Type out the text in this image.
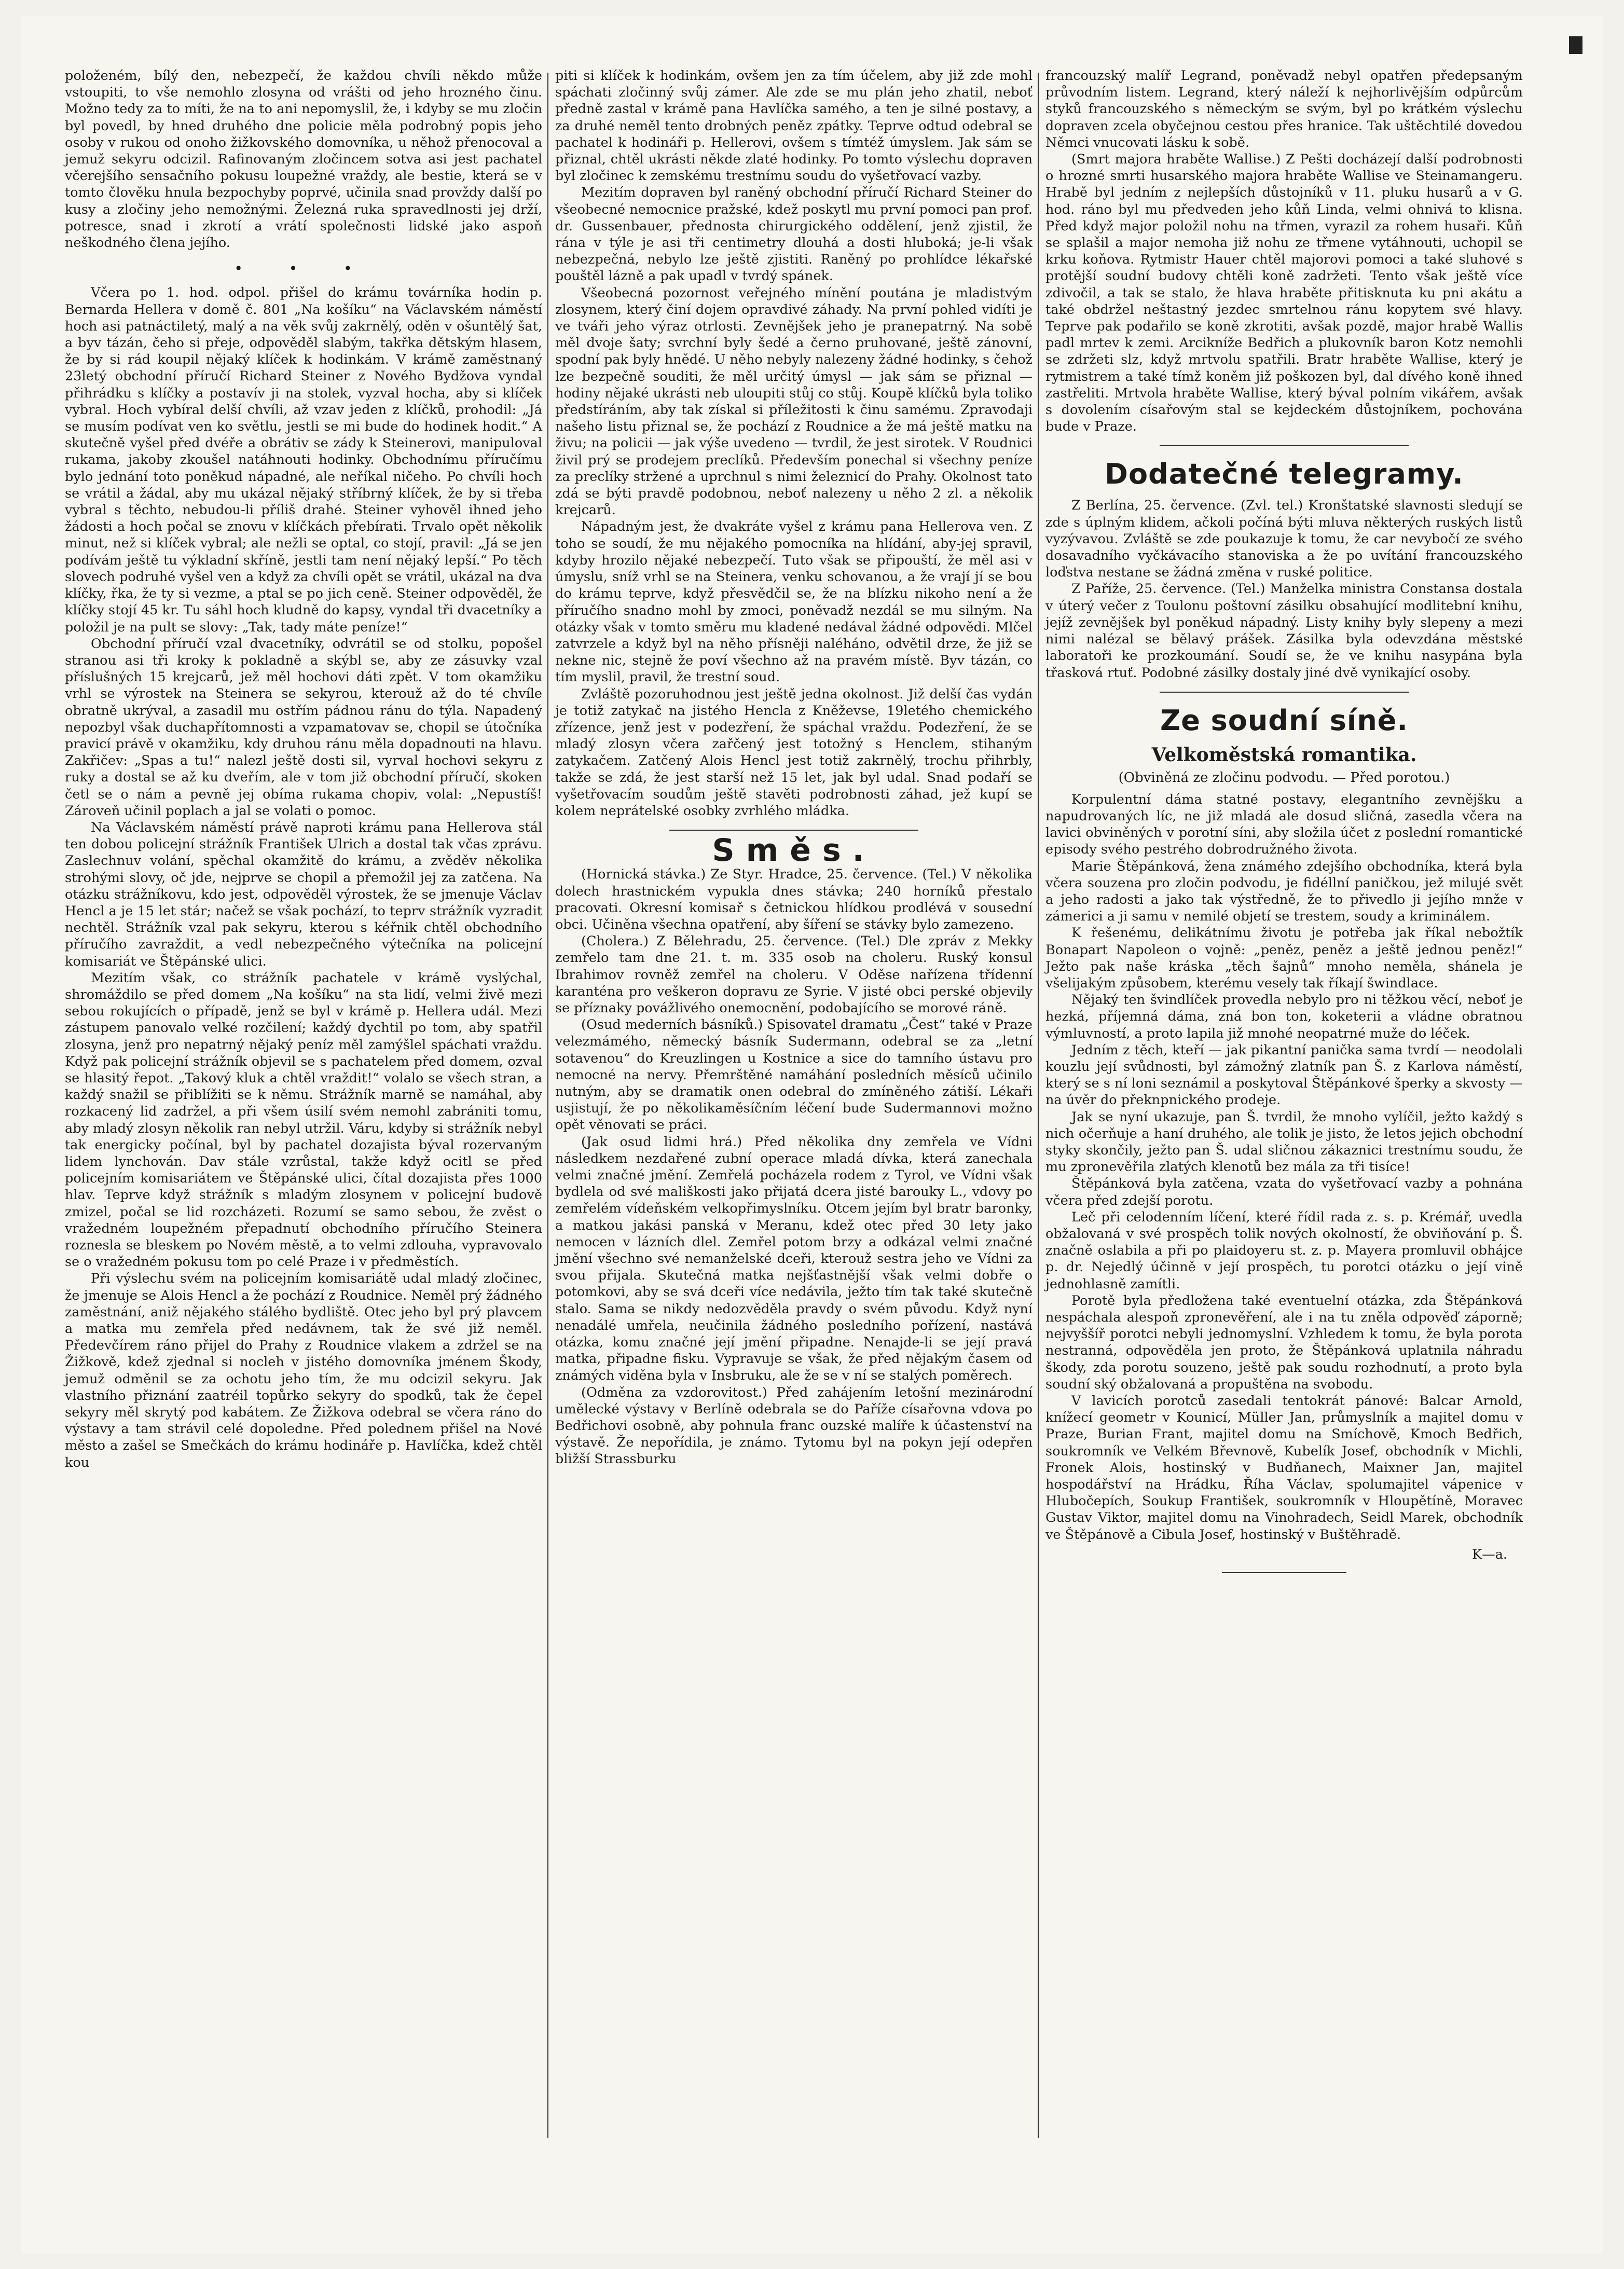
položeném, bílý den, nebezpečí, že každou chvíli někdo může vstoupiti, to vše nemohlo zlosyna od vrášti od jeho hrozného činu. Možno tedy za to míti, že na to ani nepomyslil, že, i kdyby se mu zločin byl povedl, by hned druhého dne policie měla podrobný popis jeho osoby v rukou od onoho žižkovského domovníka, u něhož přenocoval a jemuž sekyru odcizil. Rafinovaným zločincem sotva asi jest pachatel včerejšího sensačního pokusu loupežné vraždy, ale bestie, která se v tomto člověku hnula bezpochyby poprvé, učinila snad provždy další po kusy a zločiny jeho nemožnými. Železná ruka spravedlnosti jej drží, potresce, snad i zkrotí a vrátí společnosti lidské jako aspoň neškodného člena jejího.

• • •

Včera po 1. hod. odpol. přišel do krámu továrníka hodin p. Bernarda Hellera v domě č. 801 „Na košíku“ na Václavském náměstí hoch asi patnáctiletý, malý a na věk svůj zakrnělý, oděn v ošuntělý šat, a byv tázán, čeho si přeje, odpověděl slabým, takřka dětským hlasem, že by si rád koupil nějaký klíček k hodinkám. V krámě zaměstnaný 23letý obchodní příručí Richard Steiner z Nového Bydžova vyndal přihrádku s klíčky a postavív ji na stolek, vyzval hocha, aby si klíček vybral. Hoch vybíral delší chvíli, až vzav jeden z klíčků, prohodil: „Já se musím podívat ven ko světlu, jestli se mi bude do hodinek hodit.“ A skutečně vyšel před dvéře a obrátiv se zády k Steinerovi, manipuloval rukama, jakoby zkoušel natáhnouti hodinky. Obchodnímu příručímu bylo jednání toto poněkud nápadné, ale neříkal ničeho. Po chvíli hoch se vrátil a žádal, aby mu ukázal nějaký stříbrný klíček, že by si třeba vybral s těchto, nebudou-li příliš drahé. Steiner vyhověl ihned jeho žádosti a hoch počal se znovu v klíčkách přebírati. Trvalo opět několik minut, než si klíček vybral; ale nežli se optal, co stojí, pravil: „Já se jen podívám ještě tu výkladní skříně, jestli tam není nějaký lepší.“ Po těch slovech podruhé vyšel ven a když za chvíli opět se vrátil, ukázal na dva klíčky, řka, že ty si vezme, a ptal se po jich ceně. Steiner odpověděl, že klíčky stojí 45 kr. Tu sáhl hoch kludně do kapsy, vyndal tři dvacetníky a položil je na pult se slovy: „Tak, tady máte peníze!“

Obchodní příručí vzal dvacetníky, odvrátil se od stolku, popošel stranou asi tři kroky k pokladně a skýbl se, aby ze zásuvky vzal příslušných 15 krejcarů, jež měl hochovi dáti zpět. V tom okamžiku vrhl se výrostek na Steinera se sekyrou, kterouž až do té chvíle obratně ukrýval, a zasadil mu ostřím pádnou ránu do týla. Napadený nepozbyl však duchapřítomnosti a vzpamatovav se, chopil se útočníka pravicí právě v okamžiku, kdy druhou ránu měla dopadnouti na hlavu. Zakřičev: „Spas a tu!“ nalezl ještě dosti sil, vyrval hochovi sekyru z ruky a dostal se až ku dveřím, ale v tom již obchodní příručí, skoken četl se o nám a pevně jej obíma rukama chopiv, volal: „Nepustíš! Zároveň učinil poplach a jal se volati o pomoc.

Na Václavském náměstí právě naproti krámu pana Hellerova stál ten dobou policejní strážník František Ulrich a dostal tak včas zprávu. Zaslechnuv volání, spěchal okamžitě do krámu, a zvěděv několika strohými slovy, oč jde, nejprve se chopil a přemožil jej za zatčena. Na otázku strážníkovu, kdo jest, odpověděl výrostek, že se jmenuje Václav Hencl a je 15 let stár; načež se však pochází, to teprv strážník vyzradit nechtěl. Strážník vzal pak sekyru, kterou s kéřnik chtěl obchodního příručího zavraždit, a vedl nebezpečného výtečníka na policejní komisariát ve Štěpánské ulici.

Mezitím však, co strážník pachatele v krámě vyslýchal, shromáždilo se před domem „Na košíku“ na sta lidí, velmi živě mezi sebou rokujících o případě, jenž se byl v krámě p. Hellera udál. Mezi zástupem panovalo velké rozčilení; každý dychtil po tom, aby spatřil zlosyna, jenž pro nepatrný nějaký peníz měl zamýšlel spáchati vraždu. Když pak policejní strážník objevil se s pachatelem před domem, ozval se hlasitý řepot. „Takový kluk a chtěl vraždit!“ volalo se všech stran, a každý snažil se přiblížiti se k němu. Strážník marně se namáhal, aby rozkacený lid zadržel, a při všem úsilí svém nemohl zabrániti tomu, aby mladý zlosyn několik ran nebyl utržil. Váru, kdyby si strážník nebyl tak energicky počínal, byl by pachatel dozajista býval rozervaným lidem lynchován. Dav stále vzrůstal, takže když ocitl se před policejním komisariátem ve Štěpánské ulici, čítal dozajista přes 1000 hlav. Teprve když strážník s mladým zlosynem v policejní budově zmizel, počal se lid rozcházeti. Rozumí se samo sebou, že zvěst o vražedném loupežném přepadnutí obchodního příručího Steinera roznesla se bleskem po Novém městě, a to velmi zdlouha, vypravovalo se o vražedném pokusu tom po celé Praze i v předměstích.

Při výslechu svém na policejním komisariátě udal mladý zločinec, že jmenuje se Alois Hencl a že pochází z Roudnice. Neměl prý žádného zaměstnání, aniž nějakého stálého bydliště. Otec jeho byl prý plavcem a matka mu zemřela před nedávnem, tak že své již neměl. Předevčírem ráno přijel do Prahy z Roudnice vlakem a zdržel se na Žižkově, kdež zjednal si nocleh v jistého domovníka jménem Škody, jemuž odměnil se za ochotu jeho tím, že mu odcizil sekyru. Jak vlastního přiznání zaatréil topůrko sekyry do spodků, tak že čepel sekyry měl skrytý pod kabátem. Ze Žižkova odebral se včera ráno do výstavy a tam strávil celé dopoledne. Před polednem přišel na Nové město a zašel se Smečkách do krámu hodináře p. Havlíčka, kdež chtěl kou

piti si klíček k hodinkám, ovšem jen za tím účelem, aby již zde mohl spáchati zločinný svůj zámer. Ale zde se mu plán jeho zhatil, neboť předně zastal v krámě pana Havlíčka samého, a ten je silné postavy, a za druhé neměl tento drobných peněz zpátky. Teprve odtud odebral se pachatel k hodináři p. Hellerovi, ovšem s tímtéž úmyslem. Jak sám se přiznal, chtěl ukrásti někde zlaté hodinky. Po tomto výslechu dopraven byl zločinec k zemskému trestnímu soudu do vyšetřovací vazby.

Mezitím dopraven byl raněný obchodní příručí Richard Steiner do všeobecné nemocnice pražské, kdež poskytl mu první pomoci pan prof. dr. Gussenbauer, přednosta chirurgického oddělení, jenž zjistil, že rána v týle je asi tři centimetry dlouhá a dosti hluboká; je-li však nebezpečná, nebylo lze ještě zjistiti. Raněný po prohlídce lékařské pouštěl lázně a pak upadl v tvrdý spánek.

Všeobecná pozornost veřejného mínění poutána je mladistvým zlosynem, který činí dojem opravdivé záhady. Na první pohled vidíti je ve tváři jeho výraz otrlosti. Zevnějšek jeho je pranepatrný. Na sobě měl dvoje šaty; svrchní byly šedé a černo pruhované, ještě zánovní, spodní pak byly hnědé. U něho nebyly nalezeny žádné hodinky, s čehož lze bezpečně souditi, že měl určitý úmysl — jak sám se přiznal — hodiny nějaké ukrásti neb uloupiti stůj co stůj. Koupě klíčků byla toliko předstíráním, aby tak získal si příležitosti k činu samému. Zpravodaji našeho listu přiznal se, že pochází z Roudnice a že má ještě matku na živu; na policii — jak výše uvedeno — tvrdil, že jest sirotek. V Roudnici živil prý se prodejem preclíků. Především ponechal si všechny peníze za preclíky stržené a uprchnul s nimi železnicí do Prahy. Okolnost tato zdá se býti pravdě podobnou, neboť nalezeny u něho 2 zl. a několik krejcarů.

Nápadným jest, že dvakráte vyšel z krámu pana Hellerova ven. Z toho se soudí, že mu nějakého pomocníka na hlídání, aby-jej spravil, kdyby hrozilo nějaké nebezpečí. Tuto však se připouští, že měl asi v úmyslu, sníž vrhl se na Steinera, venku schovanou, a že vrají jí se bou do krámu teprve, když přesvědčil se, že na blízku nikoho není a že příručího snadno mohl by zmoci, poněvadž nezdál se mu silným. Na otázky však v tomto směru mu kladené nedával žádné odpovědi. Mlčel zatvrzele a když byl na něho přísněji naléháno, odvětil drze, že již se nekne nic, stejně že poví všechno až na pravém místě. Byv tázán, co tím myslil, pravil, že trestní soud.

Zvláště pozoruhodnou jest ještě jedna okolnost. Již delší čas vydán je totiž zatykač na jistého Hencla z Kněževse, 19letého chemického zřízence, jenž jest v podezření, že spáchal vraždu. Podezření, že se mladý zlosyn včera zařčený jest totožný s Henclem, stihaným zatykačem. Zatčený Alois Hencl jest totiž zakrnělý, trochu přihrbly, takže se zdá, že jest starší než 15 let, jak byl udal. Snad podaří se vyšetřovacím soudům ještě stavěti podrobnosti záhad, jež kupí se kolem neprátelské osobky zvrhlého mládka.

Směs.

(Hornická stávka.) Ze Styr. Hradce, 25. července. (Tel.) V několika dolech hrastnickém vypukla dnes stávka; 240 horníků přestalo pracovati. Okresní komisař s četnickou hlídkou prodlévá v sousední obci. Učiněna všechna opatření, aby šíření se stávky bylo zamezeno.

(Cholera.) Z Bělehradu, 25. července. (Tel.) Dle zpráv z Mekky zemřelo tam dne 21. t. m. 335 osob na choleru. Ruský konsul Ibrahimov rovněž zemřel na choleru. V Oděse nařízena třídenní karanténa pro veškeron dopravu ze Syrie. V jisté obci perské objevily se příznaky povážlivého onemocnění, podobajícího se morové ráně.

(Osud mederních básníků.) Spisovatel dramatu „Čest“ také v Praze velezmámého, německý básník Sudermann, odebral se za „letní sotavenou“ do Kreuzlingen u Kostnice a sice do tamního ústavu pro nemocné na nervy. Přemrštěné namáhání posledních měsíců učinilo nutným, aby se dramatik onen odebral do zmíněného zátiší. Lékaři usjistují, že po několikaměsíčním léčení bude Sudermannovi možno opět věnovati se práci.

(Jak osud lidmi hrá.) Před několika dny zemřela ve Vídni následkem nezdařené zubní operace mladá dívka, která zanechala velmi značné jmění. Zemřelá pocházela rodem z Tyrol, ve Vídni však bydlela od své mališkosti jako přijatá dcera jisté barouky L., vdovy po zemřelém vídeňském velkopřimyslníku. Otcem jejím byl bratr baronky, a matkou jakási panská v Meranu, kdež otec před 30 lety jako nemocen v lázních dlel. Zemřel potom brzy a odkázal velmi značné jmění všechno své nemanželské dceři, kterouž sestra jeho ve Vídni za svou přijala. Skutečná matka nejšťastnější však velmi dobře o potomkovi, aby se svá dceři více nedávila, ježto tím tak také skutečně stalo. Sama se nikdy nedozvěděla pravdy o svém původu. Když nyní nenadálé umřela, neučinila žádného posledního pořízení, nastává otázka, komu značné její jmění připadne. Nenajde-li se její pravá matka, připadne fisku. Vypravuje se však, že před nějakým časem od známých viděna byla v Insbruku, ale že se v ní se stalých poměrech.

(Odměna za vzdorovitost.) Před zahájením letošní mezinárodní umělecké výstavy v Berlíně odebrala se do Paříže císařovna vdova po Bedřichovi osobně, aby pohnula franc ouzské malíře k účastenství na výstavě. Že nepořídila, je známo. Tytomu byl na pokyn její odepřen bližší Strassburku

francouzský malíř Legrand, poněvadž nebyl opatřen předepsaným průvodním listem. Legrand, který náleží k nejhorlivějším odpůrcům styků francouzského s německým se svým, byl po krátkém výslechu dopraven zcela obyčejnou cestou přes hranice. Tak uštěchtilé dovedou Němci vnucovati lásku k sobě.

(Smrt majora hraběte Wallise.) Z Pešti docházejí další podrobnosti o hrozné smrti husarského majora hraběte Wallise ve Steinamangeru. Hrabě byl jedním z nejlepších důstojníků v 11. pluku husarů a v G. hod. ráno byl mu předveden jeho kůň Linda, velmi ohnivá to klisna. Před když major položil nohu na třmen, vyrazil za rohem husaři. Kůň se splašil a major nemoha již nohu ze třmene vytáhnouti, uchopil se krku koňova. Rytmistr Hauer chtěl majorovi pomoci a také sluhové s protější soudní budovy chtěli koně zadržeti. Tento však ještě více zdivočil, a tak se stalo, že hlava hraběte přitisknuta ku pni akátu a také obdržel neštastný jezdec smrtelnou ránu kopytem své hlavy. Teprve pak podařilo se koně zkrotiti, avšak pozdě, major hrabě Wallis padl mrtev k zemi. Arcikníže Bedřich a plukovník baron Kotz nemohli se zdržeti slz, když mrtvolu spatřili. Bratr hraběte Wallise, který je rytmistrem a také tímž koněm již poškozen byl, dal dívého koně ihned zastřeliti. Mrtvola hraběte Wallise, který býval polním vikářem, avšak s dovolením císařovým stal se kejdeckém důstojníkem, pochována bude v Praze.

Dodatečné telegramy.

Z Berlína, 25. července. (Zvl. tel.) Kronštatské slavnosti sledují se zde s úplným klidem, ačkoli počíná býti mluva některých ruských listů vyzývavou. Zvláště se zde poukazuje k tomu, že car nevybočí ze svého dosavadního vyčkávacího stanoviska a že po uvítání francouzského loďstva nestane se žádná změna v ruské politice.

Z Paříže, 25. července. (Tel.) Manželka ministra Constansa dostala v úterý večer z Toulonu poštovní zásilku obsahující modlitební knihu, jejíž zevnějšek byl poněkud nápadný. Listy knihy byly slepeny a mezi nimi nalézal se bělavý prášek. Zásilka byla odevzdána městské laboratoři ke prozkoumání. Soudí se, že ve knihu nasypána byla třasková rtuť. Podobné zásilky dostaly jiné dvě vynikající osoby.

Ze soudní síně.
Velkoměstská romantika.
(Obviněná ze zločinu podvodu. — Před porotou.)

Korpulentní dáma statné postavy, elegantního zevnějšku a napudrovaných líc, ne již mladá ale dosud sličná, zasedla včera na lavici obviněných v porotní síni, aby složila účet z poslední romantické episody svého pestrého dobrodružného života.

Marie Štěpánková, žena známého zdejšího obchodníka, která byla včera souzena pro zločin podvodu, je fidéllní paničkou, jež milujé svět a jeho radosti a jako tak výstředně, že to přivedlo ji jejího mnže v zámerici a ji samu v nemilé objetí se trestem, soudy a kriminálem.

K řešenému, delikátnímu životu je potřeba jak říkal nebožtík Bonapart Napoleon o vojně: „peněz, peněz a ještě jednou peněz!“ Ježto pak naše kráska „těch šajnů“ mnoho neměla, shánela je všelijakým způsobem, kterému vesely tak říkají šwindlace.

Nějaký ten švindlíček provedla nebylo pro ni těžkou věcí, neboť je hezká, příjemná dáma, zná bon ton, koketerii a vládne obratnou výmluvností, a proto lapila již mnohé neopatrné muže do léček.

Jedním z těch, kteří — jak pikantní panička sama tvrdí — neodolali kouzlu její svůdnosti, byl zámožný zlatník pan Š. z Karlova náměstí, který se s ní loni seznámil a poskytoval Štěpánkové šperky a skvosty — na úvěr do překnpnického prodeje.

Jak se nyní ukazuje, pan Š. tvrdil, že mnoho vylíčil, ježto každý s nich očerňuje a haní druhého, ale tolik je jisto, že letos jejich obchodní styky skončily, ježto pan Š. udal sličnou zákaznici trestnímu soudu, že mu zpronevěřila zlatých klenotů bez mála za tři tisíce!

Štěpánková byla zatčena, vzata do vyšetřovací vazby a pohnána včera před zdejší porotu.

Leč při celodenním líčení, které řídil rada z. s. p. Krémář, uvedla obžalovaná v své prospěch tolik nových okolností, že obviňování p. Š. značně oslabila a při po plaidoyeru st. z. p. Mayera promluvil obhájce p. dr. Nejedlý účinně v její prospěch, tu porotci otázku o její vině jednohlasně zamítli.

Porotě byla předložena také eventuelní otázka, zda Štěpánková nespáchala alespoň zpronevěření, ale i na tu zněla odpověď záporně; nejvyššíř porotci nebyli jednomyslní. Vzhledem k tomu, že byla porota nestranná, odpověděla jen proto, že Štěpánková uplatnila náhradu škody, zda porotu souzeno, ještě pak soudu rozhodnutí, a proto byla soudní ský obžalovaná a propuštěna na svobodu.

V lavicích porotců zasedali tentokrát pánové: Balcar Arnold, knížecí geometr v Kounicí, Müller Jan, průmyslník a majitel domu v Praze, Burian Frant, majitel domu na Smíchově, Kmoch Bedřich, soukromník ve Velkém Břevnově, Kubelík Josef, obchodník v Michli, Fronek Alois, hostinský v Budňanech, Maixner Jan, majitel hospodářství na Hrádku, Říha Václav, spolumajitel vápenice v Hlubočepích, Soukup František, soukromník v Hloupětíně, Moravec Gustav Viktor, majitel domu na Vinohradech, Seidl Marek, obchodník ve Štěpánově a Cibula Josef, hostinský v Buštěhradě.

K—a.
